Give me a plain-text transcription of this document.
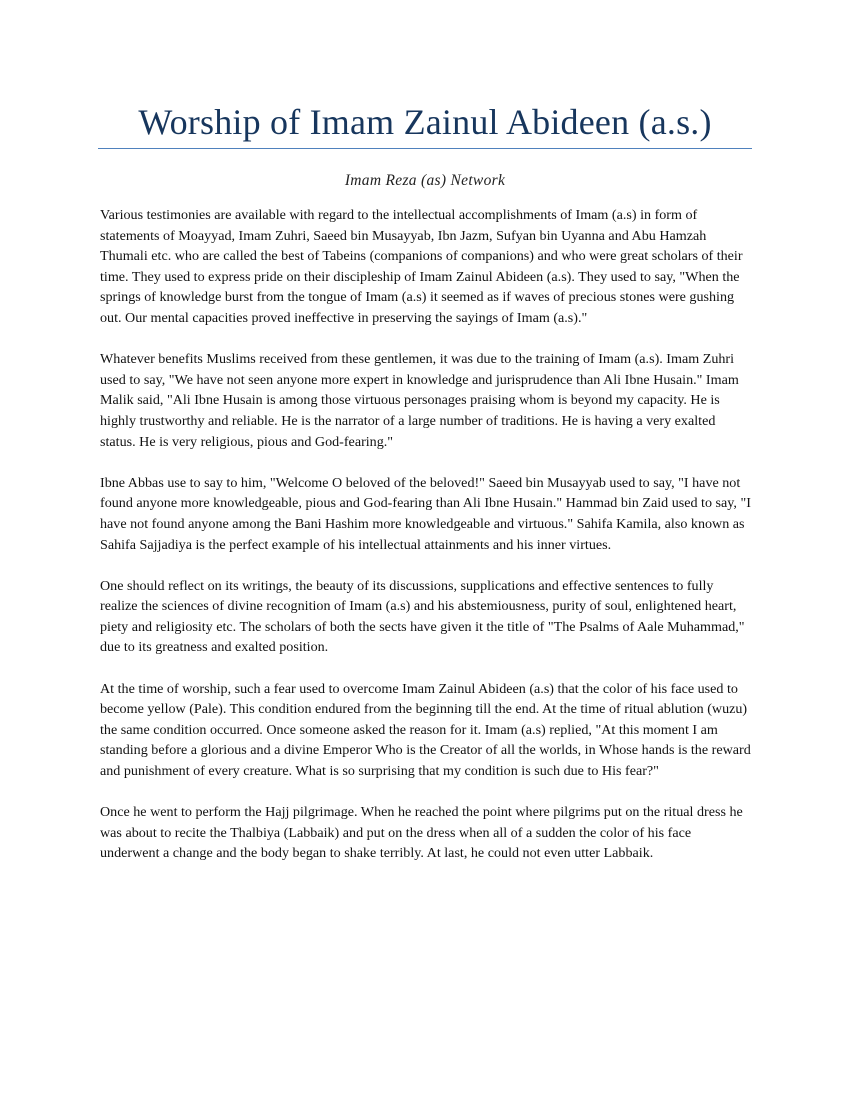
Worship of Imam Zainul Abideen (a.s.)
Imam Reza (as) Network

Various testimonies are available with regard to the intellectual accomplishments of Imam (a.s) in form of statements of Moayyad, Imam Zuhri, Saeed bin Musayyab, Ibn Jazm, Sufyan bin Uyanna and Abu Hamzah Thumali etc. who are called the best of Tabeins (companions of companions) and who were great scholars of their time. They used to express pride on their discipleship of Imam Zainul Abideen (a.s). They used to say, "When the springs of knowledge burst from the tongue of Imam (a.s) it seemed as if waves of precious stones were gushing out. Our mental capacities proved ineffective in preserving the sayings of Imam (a.s)."

Whatever benefits Muslims received from these gentlemen, it was due to the training of Imam (a.s). Imam Zuhri used to say, "We have not seen anyone more expert in knowledge and jurisprudence than Ali Ibne Husain." Imam Malik said, "Ali Ibne Husain is among those virtuous personages praising whom is beyond my capacity. He is highly trustworthy and reliable. He is the narrator of a large number of traditions. He is having a very exalted status. He is very religious, pious and God-fearing."

Ibne Abbas use to say to him, "Welcome O beloved of the beloved!" Saeed bin Musayyab used to say, "I have not found anyone more knowledgeable, pious and God-fearing than Ali Ibne Husain." Hammad bin Zaid used to say, "I have not found anyone among the Bani Hashim more knowledgeable and virtuous." Sahifa Kamila, also known as Sahifa Sajjadiya is the perfect example of his intellectual attainments and his inner virtues.

One should reflect on its writings, the beauty of its discussions, supplications and effective sentences to fully realize the sciences of divine recognition of Imam (a.s) and his abstemiousness, purity of soul, enlightened heart, piety and religiosity etc. The scholars of both the sects have given it the title of "The Psalms of Aale Muhammad," due to its greatness and exalted position.

At the time of worship, such a fear used to overcome Imam Zainul Abideen (a.s) that the color of his face used to become yellow (Pale). This condition endured from the beginning till the end. At the time of ritual ablution (wuzu) the same condition occurred. Once someone asked the reason for it. Imam (a.s) replied, "At this moment I am standing before a glorious and a divine Emperor Who is the Creator of all the worlds, in Whose hands is the reward and punishment of every creature. What is so surprising that my condition is such due to His fear?"

Once he went to perform the Hajj pilgrimage. When he reached the point where pilgrims put on the ritual dress he was about to recite the Thalbiya (Labbaik) and put on the dress when all of a sudden the color of his face underwent a change and the body began to shake terribly. At last, he could not even utter Labbaik.
